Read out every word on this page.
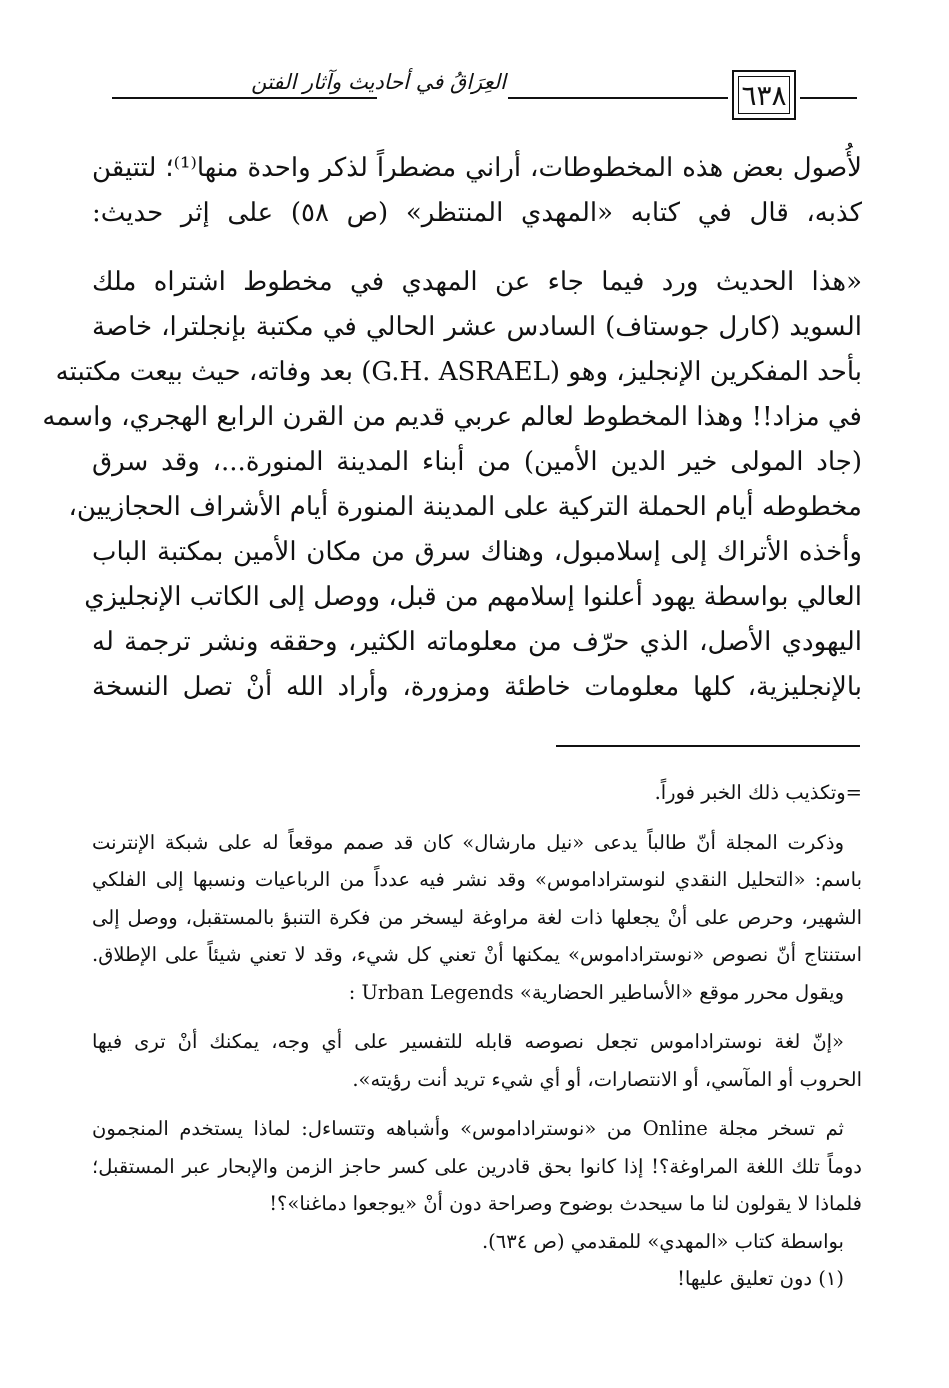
العِرَاقُ في أحاديث وآثار الفتن	٦٣٨

لأُصول بعض هذه المخطوطات، أراني مضطراً لذكر واحدة منها⁽¹⁾؛ لتتيقن

كذبه، قال في كتابه «المهدي المنتظر» (ص ٥٨) على إثر حديث:

«هذا الحديث ورد فيما جاء عن المهدي في مخطوط اشتراه ملك

السويد (كارل جوستاف) السادس عشر الحالي في مكتبة بإنجلترا، خاصة

بأحد المفكرين الإنجليز، وهو (G.H. ASRAEL) بعد وفاته، حيث بيعت مكتبته

في مزاد!! وهذا المخطوط لعالم عربي قديم من القرن الرابع الهجري، واسمه

(جاد المولى خير الدين الأمين) من أبناء المدينة المنورة...، وقد سرق

مخطوطه أيام الحملة التركية على المدينة المنورة أيام الأشراف الحجازيين،

وأخذه الأتراك إلى إسلامبول، وهناك سرق من مكان الأمين بمكتبة الباب

العالي بواسطة يهود أعلنوا إسلامهم من قبل، ووصل إلى الكاتب الإنجليزي

اليهودي الأصل، الذي حرّف من معلوماته الكثير، وحققه ونشر ترجمة له

بالإنجليزية، كلها معلومات خاطئة ومزورة، وأراد الله أنْ تصل النسخة

=وتكذيب ذلك الخبر فوراً.

وذكرت المجلة أنّ طالباً يدعى «نيل مارشال» كان قد صمم موقعاً له على شبكة الإنترنت

باسم: «التحليل النقدي لنوستراداموس» وقد نشر فيه عدداً من الرباعيات ونسبها إلى الفلكي

الشهير، وحرص على أنْ يجعلها ذات لغة مراوغة ليسخر من فكرة التنبؤ بالمستقبل، ووصل إلى

استنتاج أنّ نصوص «نوستراداموس» يمكنها أنْ تعني كل شيء، وقد لا تعني شيئاً على الإطلاق.

ويقول محرر موقع «الأساطير الحضارية» Urban Legends :

«إنّ لغة نوستراداموس تجعل نصوصه قابله للتفسير على أي وجه، يمكنك أنْ ترى فيها

الحروب أو المآسي، أو الانتصارات، أو أي شيء تريد أنت رؤيته».

ثم تسخر مجلة Online من «نوستراداموس» وأشباهه وتتساءل: لماذا يستخدم المنجمون

دوماً تلك اللغة المراوغة؟! إذا كانوا بحق قادرين على كسر حاجز الزمن والإبحار عبر المستقبل؛

فلماذا لا يقولون لنا ما سيحدث بوضوح وصراحة دون أنْ «يوجعوا دماغنا»؟!

بواسطة كتاب «المهدي» للمقدمي (ص ٦٣٤).

(١) دون تعليق عليها!
